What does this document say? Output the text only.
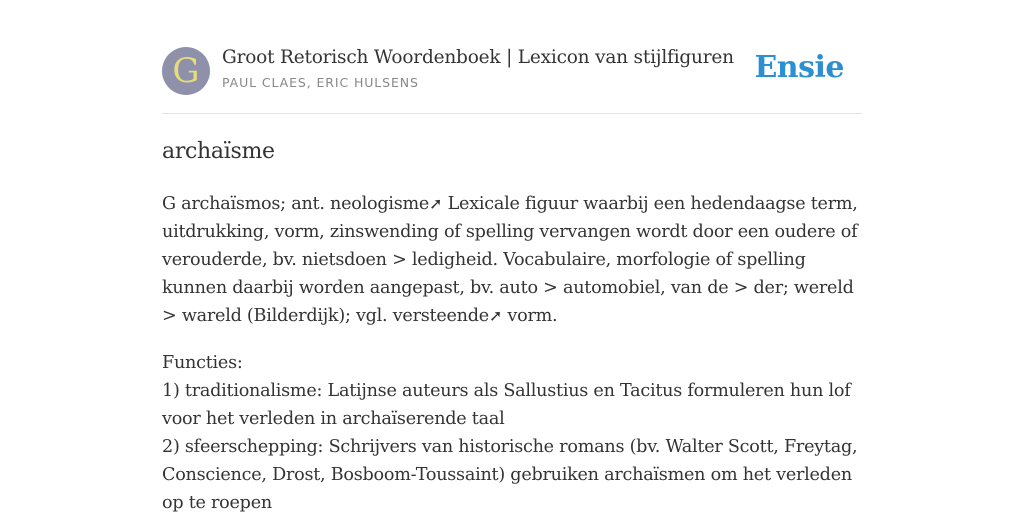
G	Groot Retorisch Woordenboek | Lexicon van stijlfiguren
PAUL CLAES, ERIC HULSENS	Ensie
archaïsme

G archaïsmos; ant. neologisme➚ Lexicale figuur waarbij een hedendaagse term, uitdrukking, vorm, zinswending of spelling vervangen wordt door een oudere of verouderde, bv. nietsdoen > ledigheid. Vocabulaire, morfologie of spelling kunnen daarbij worden aangepast, bv. auto > automobiel, van de > der; wereld > wareld (Bilderdijk); vgl. versteende➚ vorm.

Functies:
1) traditionalisme: Latijnse auteurs als Sallustius en Tacitus formuleren hun lof voor het verleden in archaïserende taal
2) sfeerschepping: Schrijvers van historische romans (bv. Walter Scott, Freytag, Conscience, Drost, Bosboom-Toussaint) gebruiken archaïsmen om het verleden op te roepen
